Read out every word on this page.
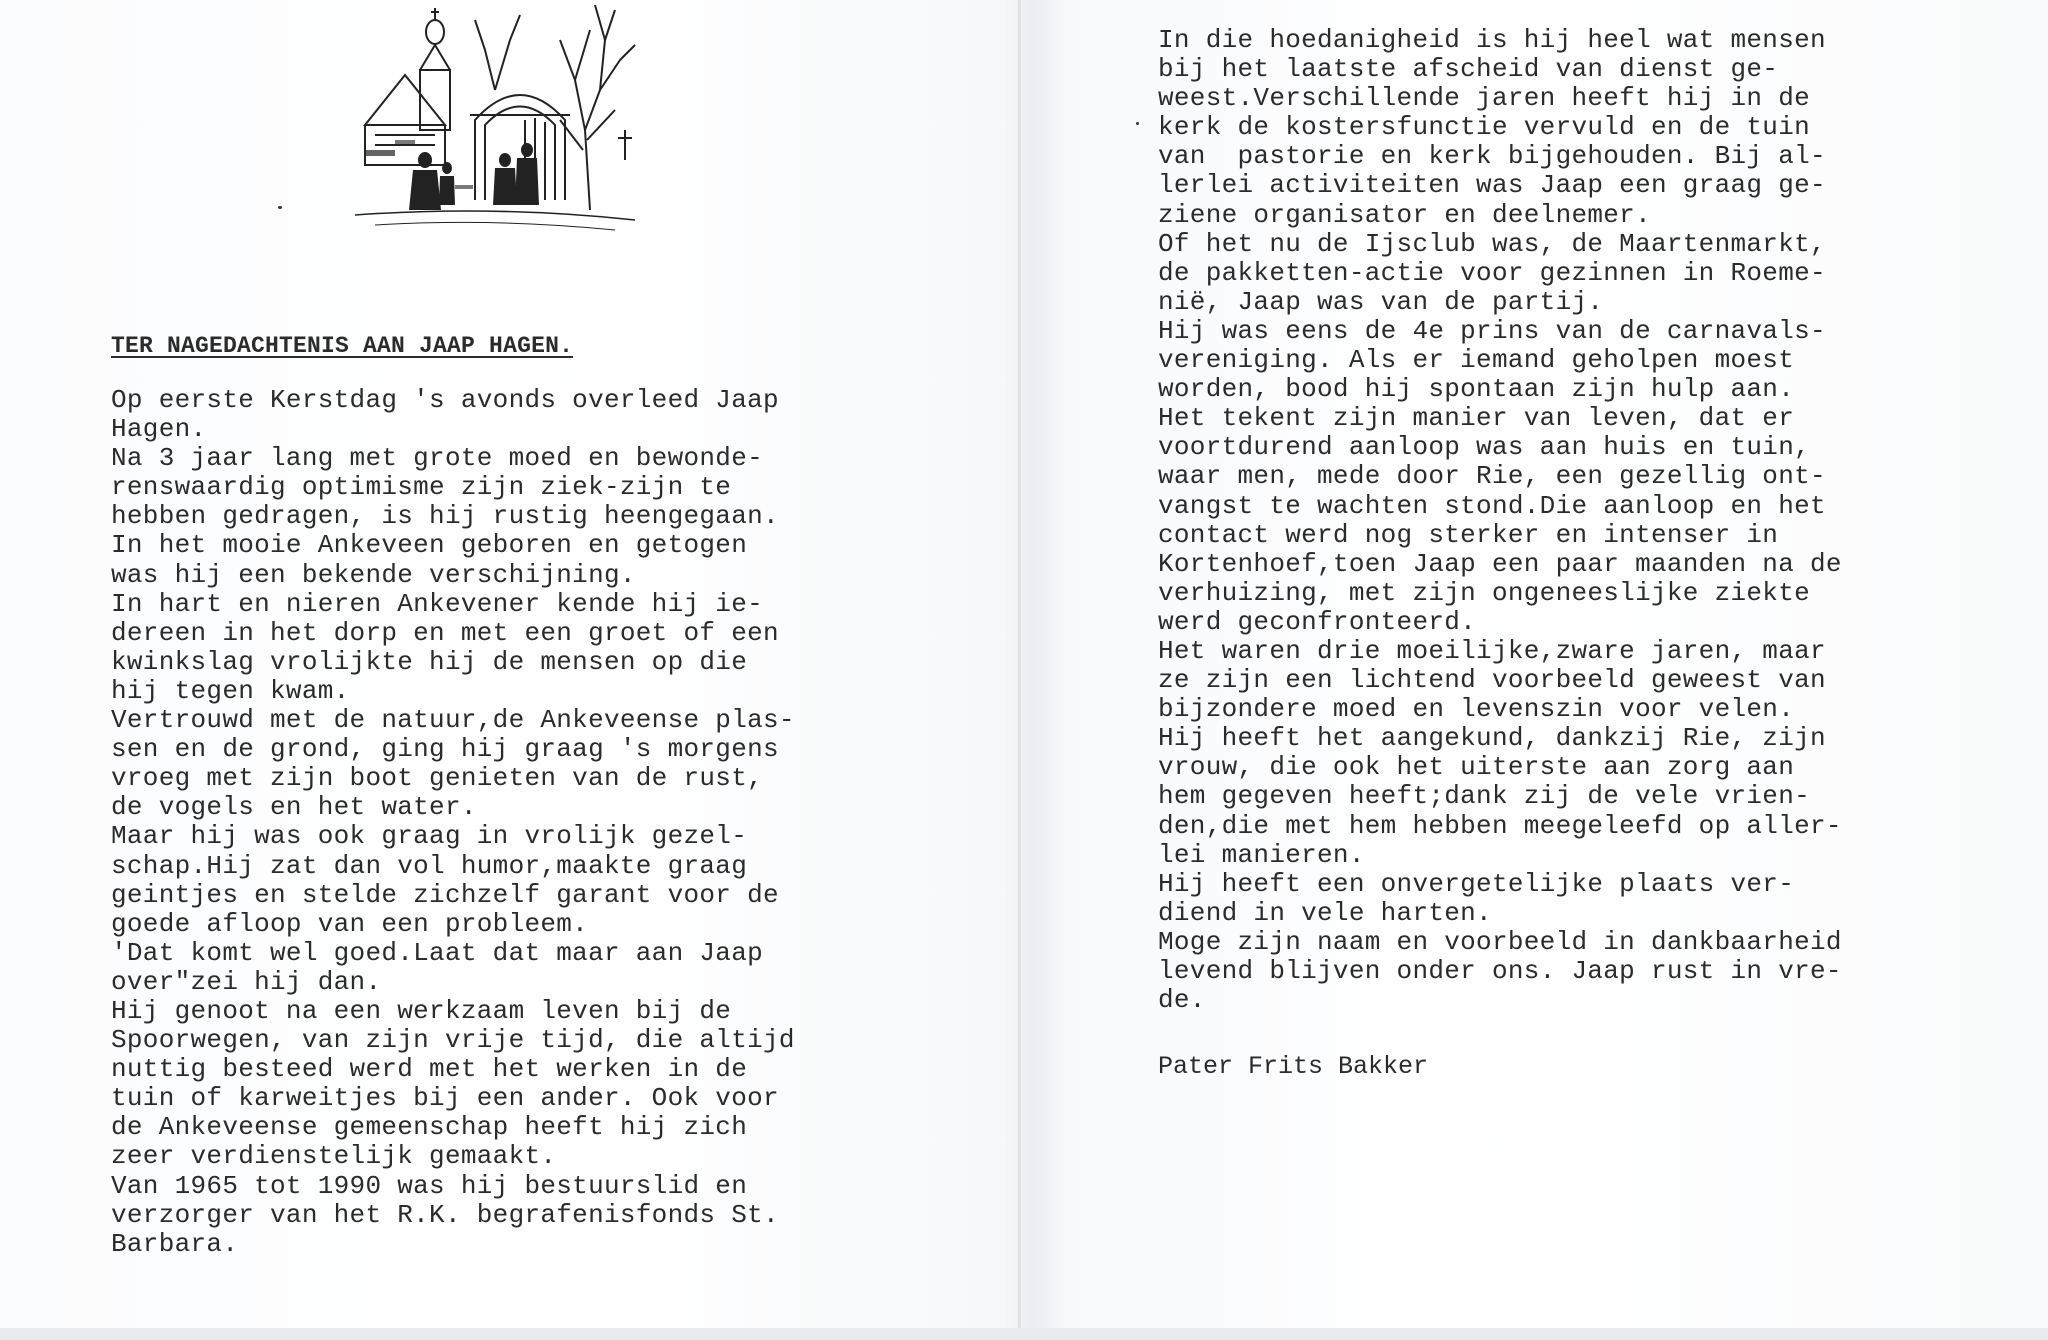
TER NAGEDACHTENIS AAN JAAP HAGEN.
Op eerste Kerstdag 's avonds overleed Jaap
Hagen.
Na 3 jaar lang met grote moed en bewonde-
renswaardig optimisme zijn ziek-zijn te
hebben gedragen, is hij rustig heengegaan.
In het mooie Ankeveen geboren en getogen
was hij een bekende verschijning.
In hart en nieren Ankevener kende hij ie-
dereen in het dorp en met een groet of een
kwinkslag vrolijkte hij de mensen op die
hij tegen kwam.
Vertrouwd met de natuur,de Ankeveense plas-
sen en de grond, ging hij graag 's morgens
vroeg met zijn boot genieten van de rust,
de vogels en het water.
Maar hij was ook graag in vrolijk gezel-
schap.Hij zat dan vol humor,maakte graag
geintjes en stelde zichzelf garant voor de
goede afloop van een probleem.
'Dat komt wel goed.Laat dat maar aan Jaap
over"zei hij dan.
Hij genoot na een werkzaam leven bij de
Spoorwegen, van zijn vrije tijd, die altijd
nuttig besteed werd met het werken in de
tuin of karweitjes bij een ander. Ook voor
de Ankeveense gemeenschap heeft hij zich
zeer verdienstelijk gemaakt.
Van 1965 tot 1990 was hij bestuurslid en
verzorger van het R.K. begrafenisfonds St.
Barbara.
In die hoedanigheid is hij heel wat mensen
bij het laatste afscheid van dienst ge-
weest.Verschillende jaren heeft hij in de
kerk de kostersfunctie vervuld en de tuin
van  pastorie en kerk bijgehouden. Bij al-
lerlei activiteiten was Jaap een graag ge-
ziene organisator en deelnemer.
Of het nu de Ijsclub was, de Maartenmarkt,
de pakketten-actie voor gezinnen in Roeme-
nië, Jaap was van de partij.
Hij was eens de 4e prins van de carnavals-
vereniging. Als er iemand geholpen moest
worden, bood hij spontaan zijn hulp aan.
Het tekent zijn manier van leven, dat er
voortdurend aanloop was aan huis en tuin,
waar men, mede door Rie, een gezellig ont-
vangst te wachten stond.Die aanloop en het
contact werd nog sterker en intenser in
Kortenhoef,toen Jaap een paar maanden na de
verhuizing, met zijn ongeneeslijke ziekte
werd geconfronteerd.
Het waren drie moeilijke,zware jaren, maar
ze zijn een lichtend voorbeeld geweest van
bijzondere moed en levenszin voor velen.
Hij heeft het aangekund, dankzij Rie, zijn
vrouw, die ook het uiterste aan zorg aan
hem gegeven heeft;dank zij de vele vrien-
den,die met hem hebben meegeleefd op aller-
lei manieren.
Hij heeft een onvergetelijke plaats ver-
diend in vele harten.
Moge zijn naam en voorbeeld in dankbaarheid
levend blijven onder ons. Jaap rust in vre-
de.
Pater Frits Bakker
